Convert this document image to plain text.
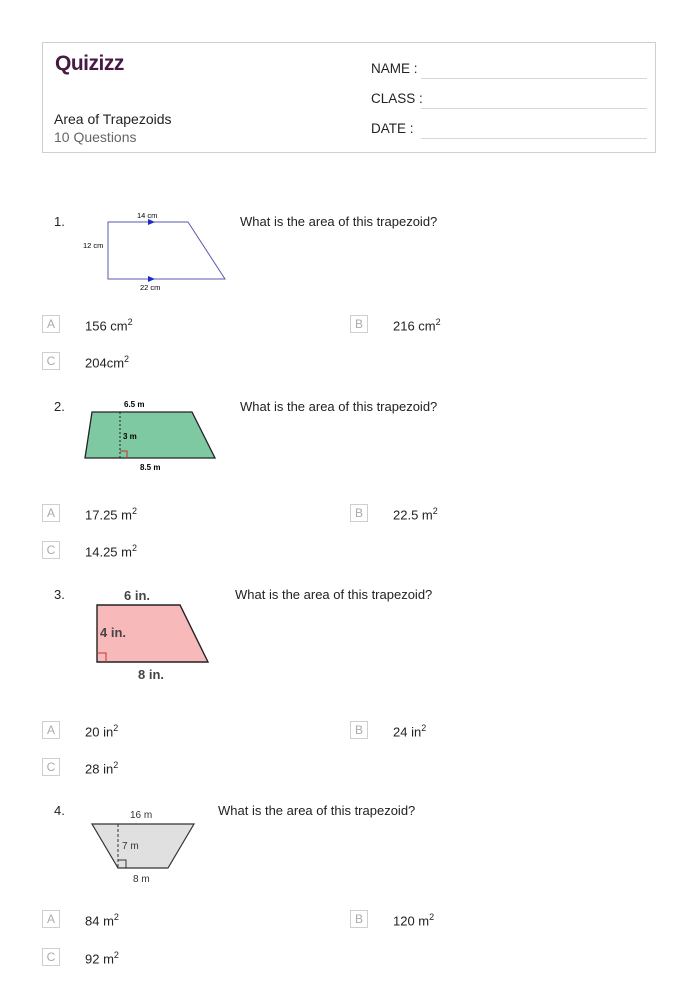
Quizizz
Area of Trapezoids
10 Questions
NAME :
CLASS :
DATE :
1.	What is the area of this trapezoid?
14 cm
12 cm
22 cm
A	156 $cm^2$	B	216 $cm^2$
C	$204cm^2$
2.	What is the area of this trapezoid?
6.5 m
3 m
8.5 m
A	17.25 $m^2$	B	22.5 $m^2$
C	14.25 $m^2$
3.	What is the area of this trapezoid?
6 in.
4 in.
8 in.
A	20 $in^2$	B	24 $in^2$
C	28 $in^2$
4.	What is the area of this trapezoid?
16 m
7 m
8 m
A	84 $m^2$	B	120 $m^2$
C	92 $m^2$
